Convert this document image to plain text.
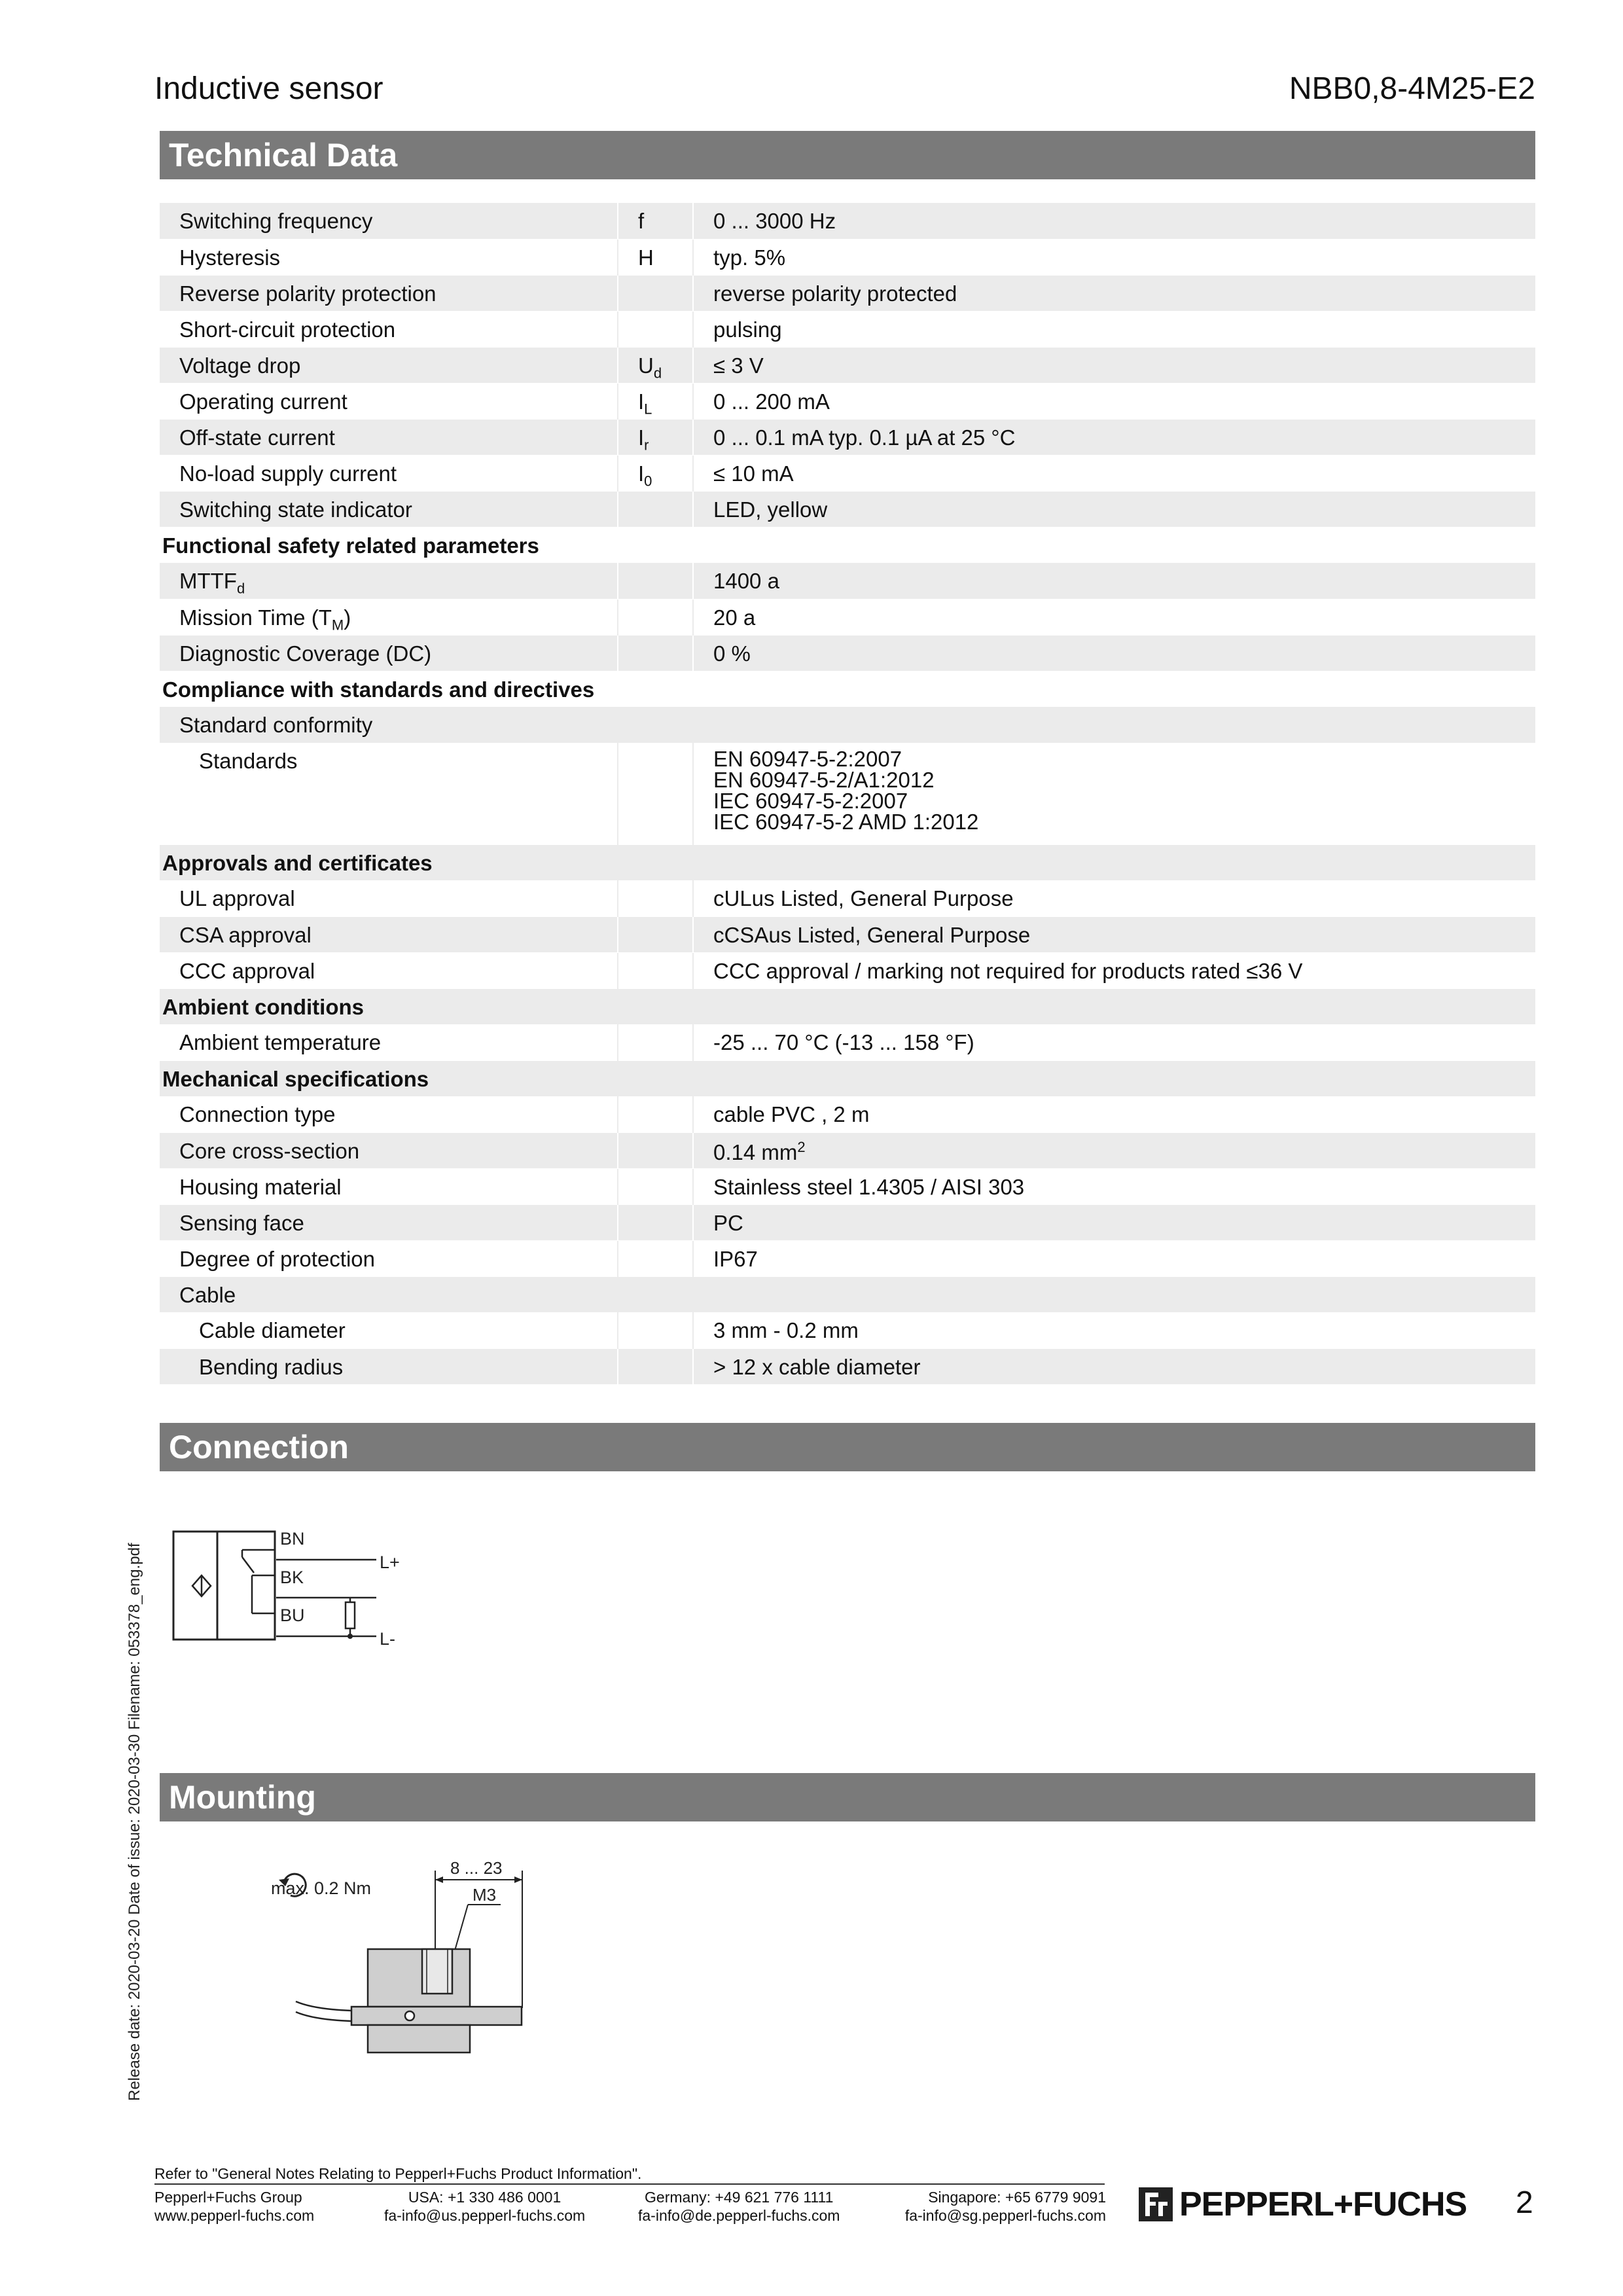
Inductive sensor	NBB0,8-4M25-E2
Technical Data
Switching frequency	f	0 ... 3000 Hz
Hysteresis	H	typ. 5%
Reverse polarity protection		reverse polarity protected
Short-circuit protection		pulsing
Voltage drop	$U_d$	≤ 3 V
Operating current	$I_L$	0 ... 200 mA
Off-state current	$I_r$	0 ... 0.1 mA typ. 0.1 µA at 25 °C
No-load supply current	$I_0$	≤ 10 mA
Switching state indicator		LED, yellow
Functional safety related parameters		
$MTTF_d$		1400 a
Mission Time $(T_M)$		20 a
Diagnostic Coverage (DC)		0 %
Compliance with standards and directives		
Standard conformity		
Standards		EN 60947-5-2:2007
EN 60947-5-2/A1:2012
IEC 60947-5-2:2007
IEC 60947-5-2 AMD 1:2012

Approvals and certificates		
UL approval		cULus Listed, General Purpose
CSA approval		cCSAus Listed, General Purpose
CCC approval		CCC approval / marking not required for products rated ≤36 V
Ambient conditions		
Ambient temperature		-25 ... 70 °C (-13 ... 158 °F)
Mechanical specifications		
Connection type		cable PVC , 2 m
Core cross-section		0.14 $mm^2$
Housing material		Stainless steel 1.4305 / AISI 303
Sensing face		PC
Degree of protection		IP67
Cable		
Cable diameter		3 mm - 0.2 mm
Bending radius		> 12 x cable diameter
Connection
BN
BK
BU
L+
L-
Mounting
max. 0.2 Nm
8 ... 23
M3
Release date: 2020-03-20 Date of issue: 2020-03-30 Filename: 053378_eng.pdf
Refer to "General Notes Relating to Pepperl+Fuchs Product Information".
Pepperl+Fuchs Group
www.pepperl-fuchs.com
USA: +1 330 486 0001
fa-info@us.pepperl-fuchs.com
Germany: +49 621 776 1111
fa-info@de.pepperl-fuchs.com
Singapore: +65 6779 9091
fa-info@sg.pepperl-fuchs.com PEPPERL+FUCHS 2
